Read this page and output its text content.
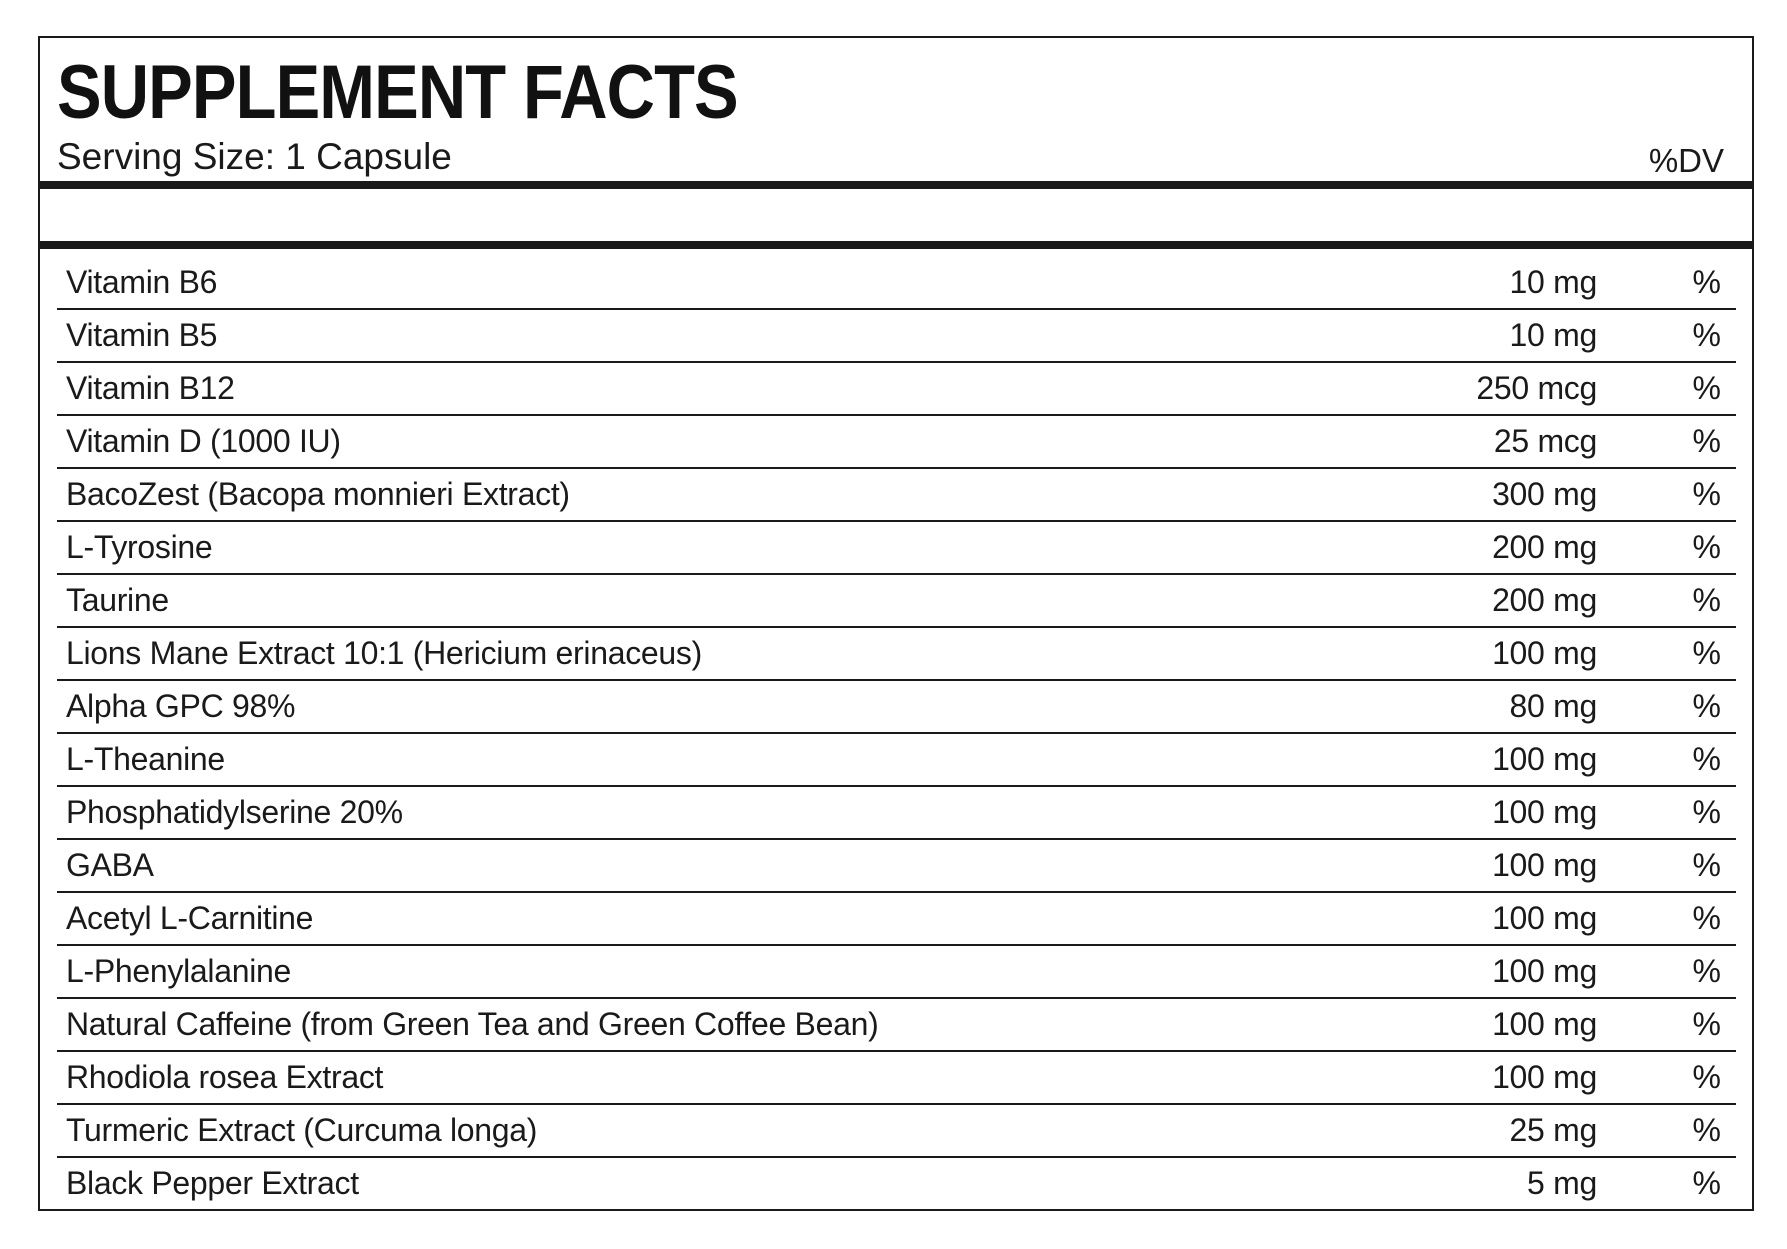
SUPPLEMENT FACTS
Serving Size: 1 Capsule	%DV
Vitamin B6	10 mg	%
Vitamin B5	10 mg	%
Vitamin B12	250 mcg	%
Vitamin D (1000 IU)	25 mcg	%
BacoZest (Bacopa monnieri Extract)	300 mg	%
L-Tyrosine	200 mg	%
Taurine	200 mg	%
Lions Mane Extract 10:1 (Hericium erinaceus)	100 mg	%
Alpha GPC 98%	80 mg	%
L-Theanine	100 mg	%
Phosphatidylserine 20%	100 mg	%
GABA	100 mg	%
Acetyl L-Carnitine	100 mg	%
L-Phenylalanine	100 mg	%
Natural Caffeine (from Green Tea and Green Coffee Bean)	100 mg	%
Rhodiola rosea Extract	100 mg	%
Turmeric Extract (Curcuma longa)	25 mg	%
Black Pepper Extract	5 mg	%
